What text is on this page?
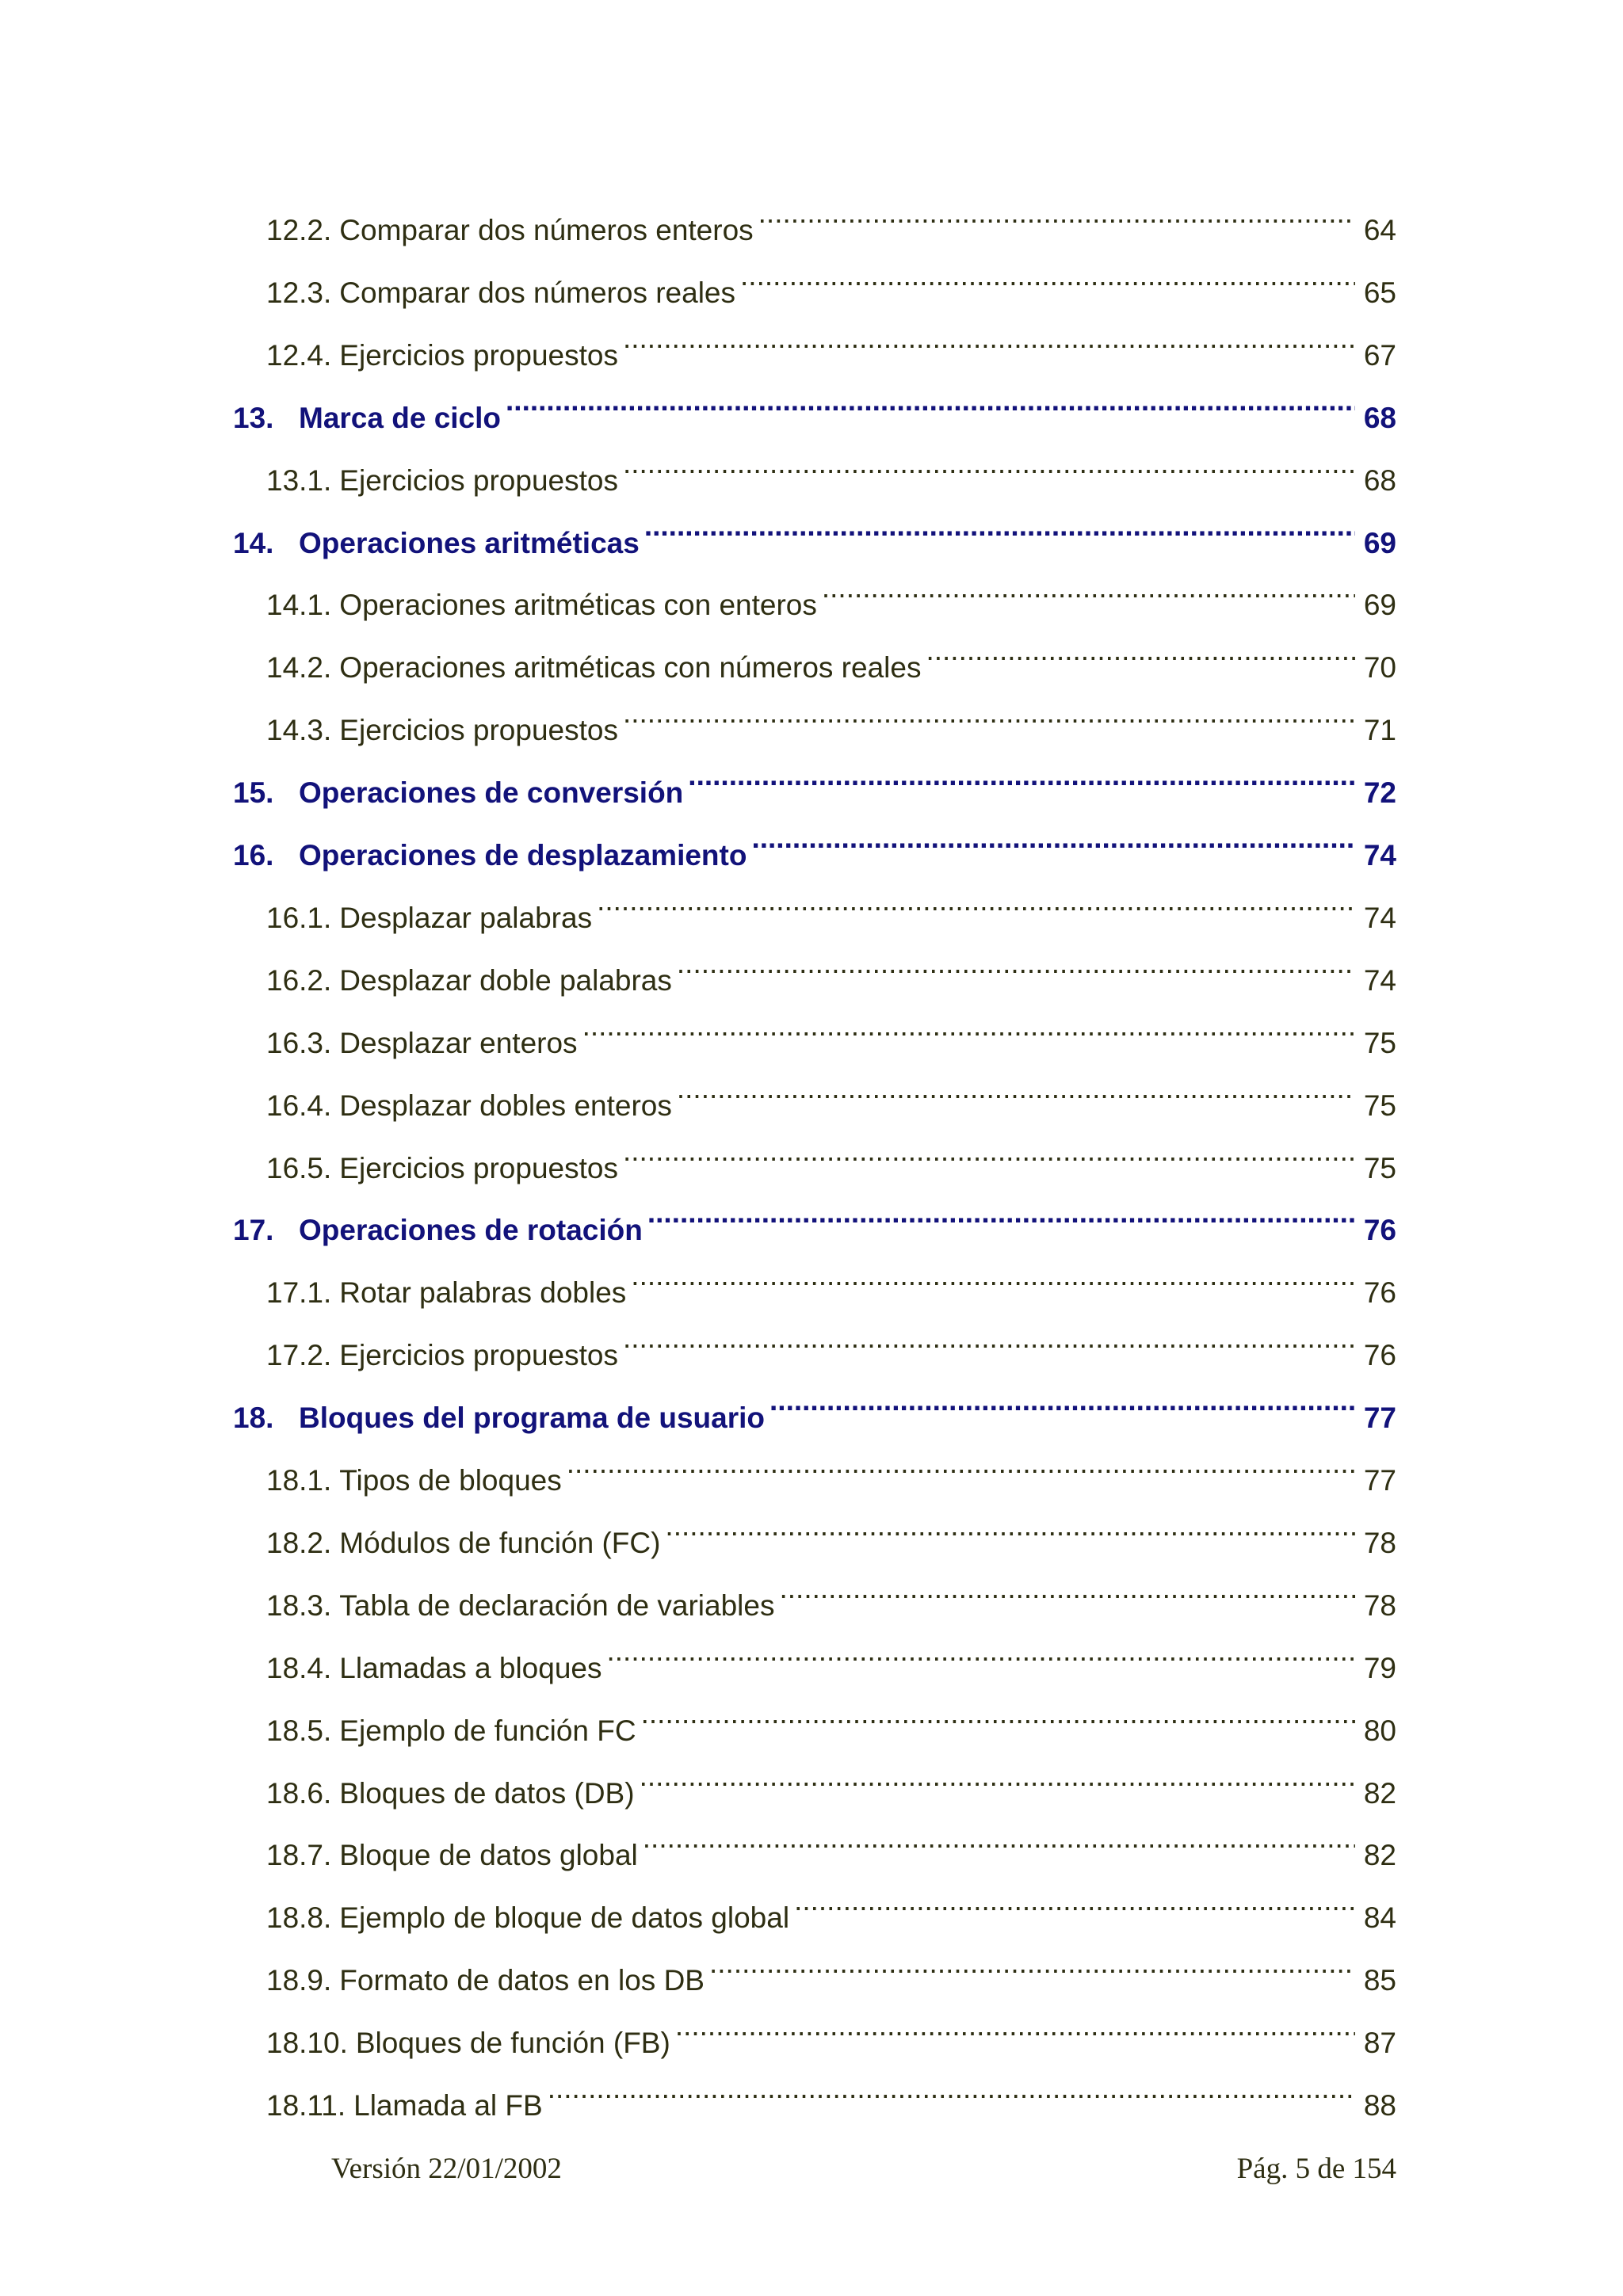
12.2. Comparar dos números enteros .....	64
12.3. Comparar dos números reales .....	65
12.4. Ejercicios propuestos .....	67
13. Marca de ciclo .....	68
13.1. Ejercicios propuestos .....	68
14. Operaciones aritméticas .....	69
14.1. Operaciones aritméticas con enteros .....	69
14.2. Operaciones aritméticas con números reales .....	70
14.3. Ejercicios propuestos .....	71
15. Operaciones de conversión .....	72
16. Operaciones de desplazamiento .....	74
16.1. Desplazar palabras .....	74
16.2. Desplazar doble palabras .....	74
16.3. Desplazar enteros .....	75
16.4. Desplazar dobles enteros .....	75
16.5. Ejercicios propuestos .....	75
17. Operaciones de rotación .....	76
17.1. Rotar palabras dobles .....	76
17.2. Ejercicios propuestos .....	76
18. Bloques del programa de usuario .....	77
18.1. Tipos de bloques .....	77
18.2. Módulos de función (FC) .....	78
18.3. Tabla de declaración de variables .....	78
18.4. Llamadas a bloques .....	79
18.5. Ejemplo de función FC .....	80
18.6. Bloques de datos (DB) .....	82
18.7. Bloque de datos global .....	82
18.8. Ejemplo de bloque de datos global .....	84
18.9. Formato de datos en los DB .....	85
18.10. Bloques de función (FB) .....	87
18.11. Llamada al FB .....	88
Versión 22/01/2002	Pág. 5 de 154
